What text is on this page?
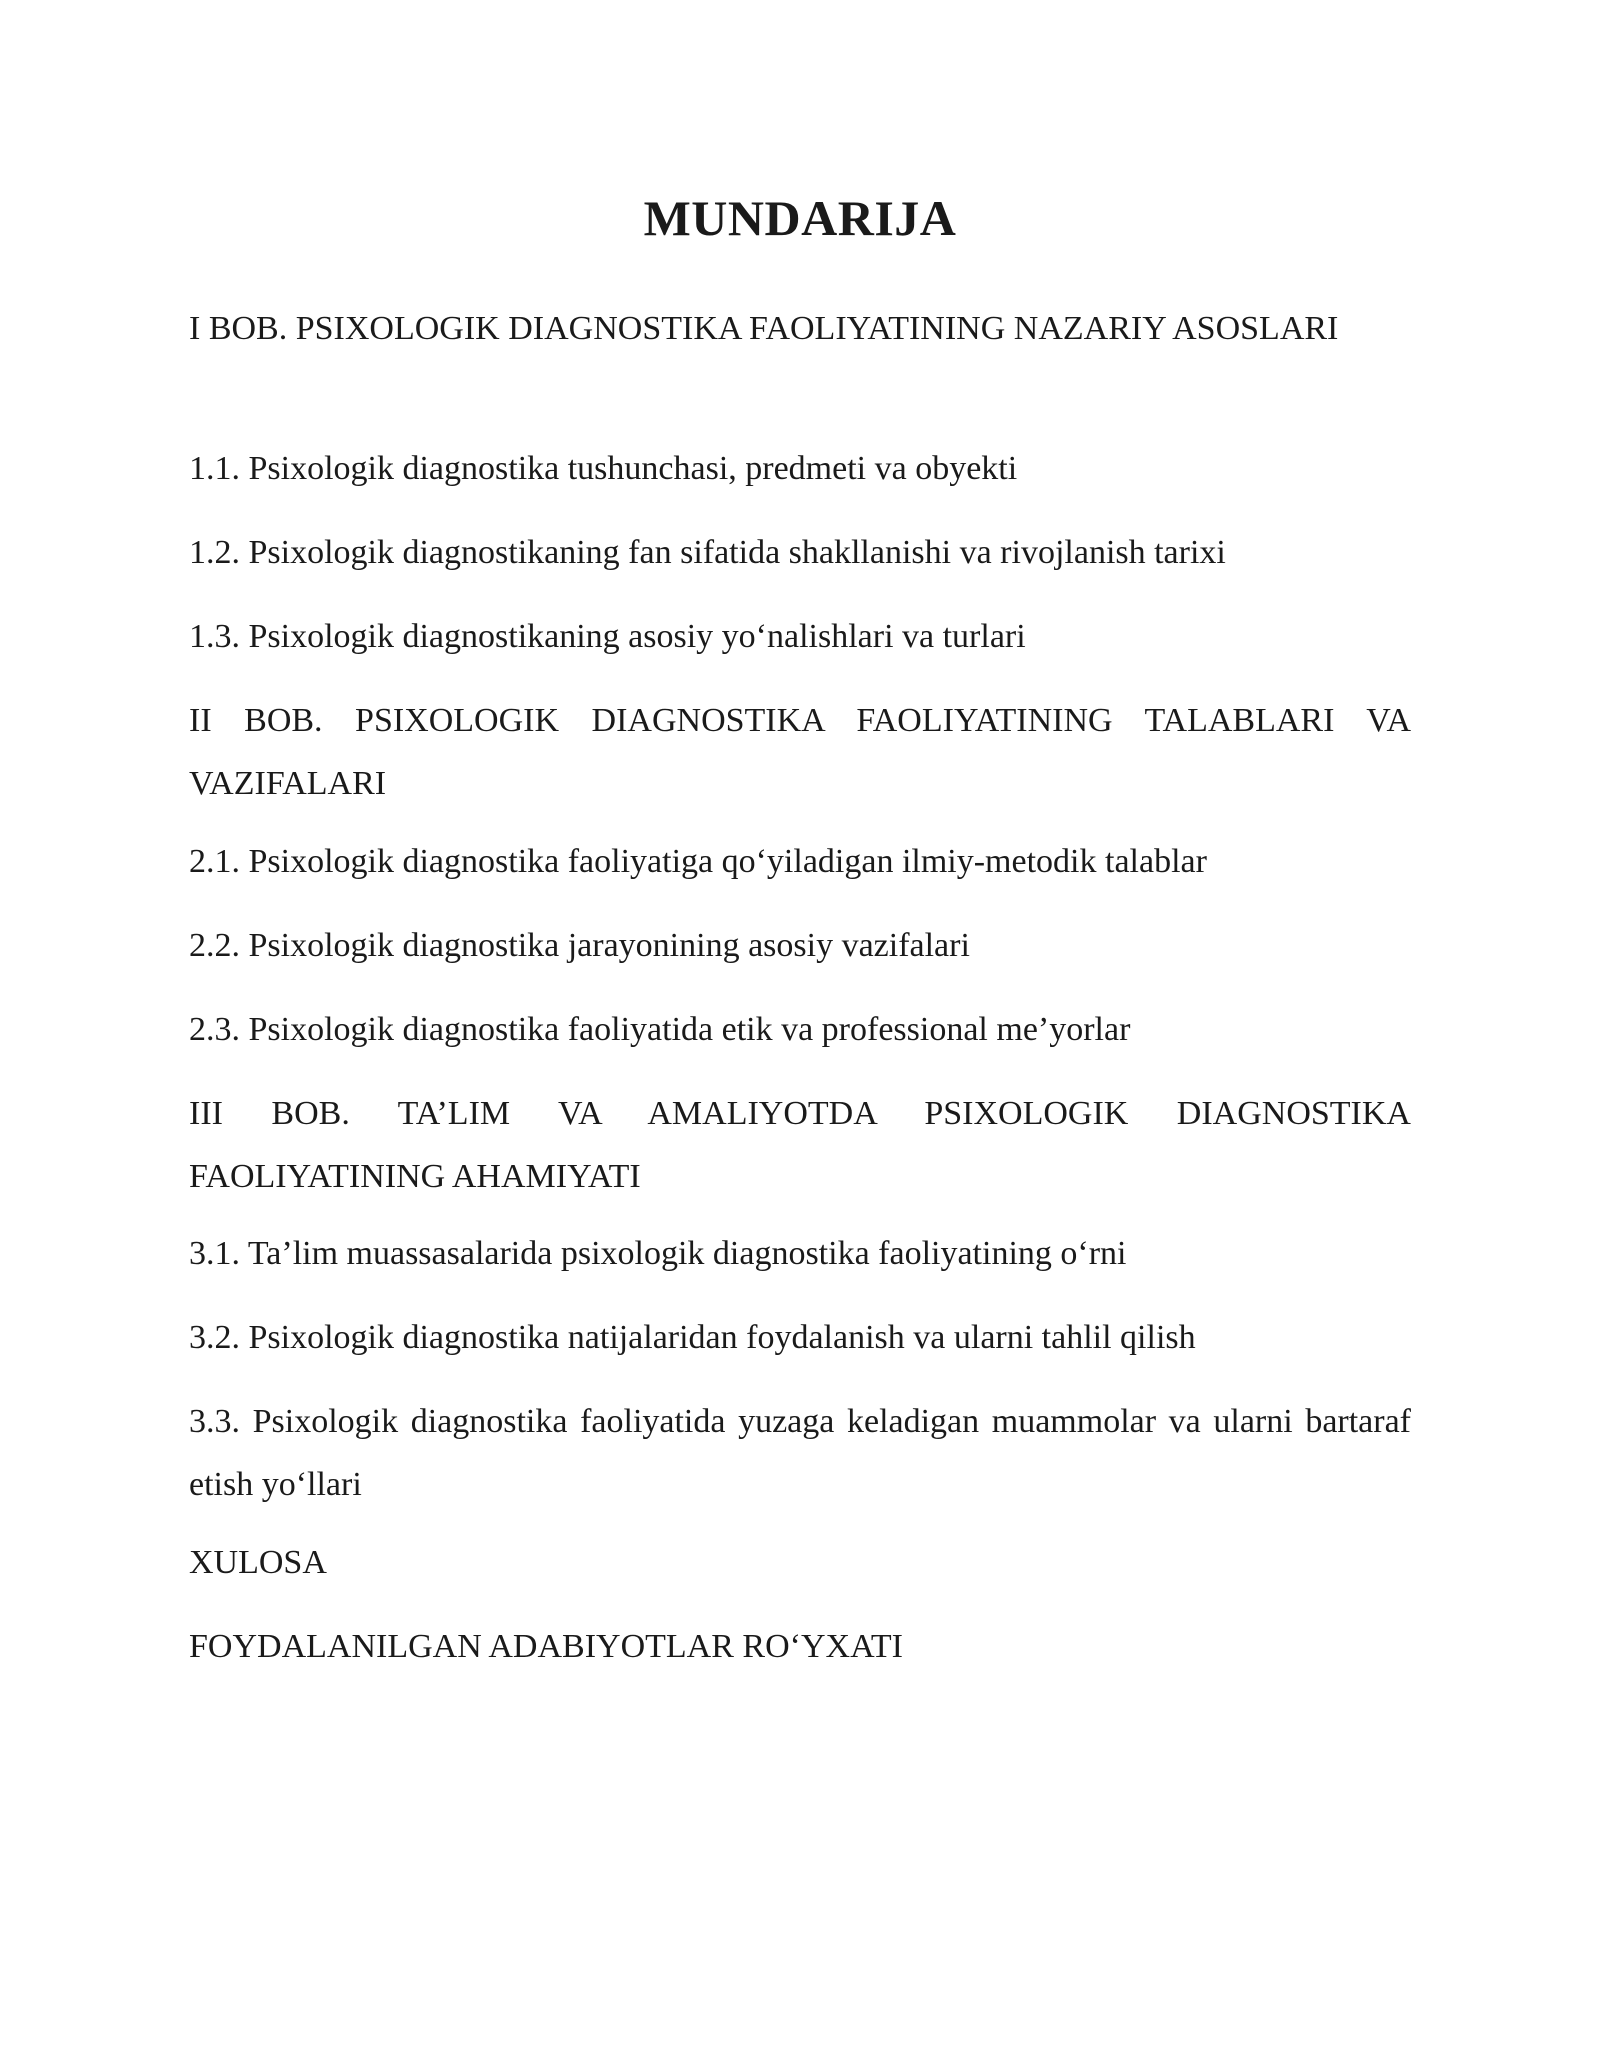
MUNDARIJA
I BOB. PSIXOLOGIK DIAGNOSTIKA FAOLIYATINING NAZARIY ASOSLARI
1.1. Psixologik diagnostika tushunchasi, predmeti va obyekti
1.2. Psixologik diagnostikaning fan sifatida shakllanishi va rivojlanish tarixi
1.3. Psixologik diagnostikaning asosiy yo‘nalishlari va turlari
II BOB. PSIXOLOGIK DIAGNOSTIKA FAOLIYATINING TALABLARI VA VAZIFALARI
2.1. Psixologik diagnostika faoliyatiga qo‘yiladigan ilmiy-metodik talablar
2.2. Psixologik diagnostika jarayonining asosiy vazifalari
2.3. Psixologik diagnostika faoliyatida etik va professional me’yorlar
III BOB. TA’LIM VA AMALIYOTDA PSIXOLOGIK DIAGNOSTIKA FAOLIYATINING AHAMIYATI
3.1. Ta’lim muassasalarida psixologik diagnostika faoliyatining o‘rni
3.2. Psixologik diagnostika natijalaridan foydalanish va ularni tahlil qilish
3.3. Psixologik diagnostika faoliyatida yuzaga keladigan muammolar va ularni bartaraf etish yo‘llari
XULOSA
FOYDALANILGAN ADABIYOTLAR RO‘YXATI
